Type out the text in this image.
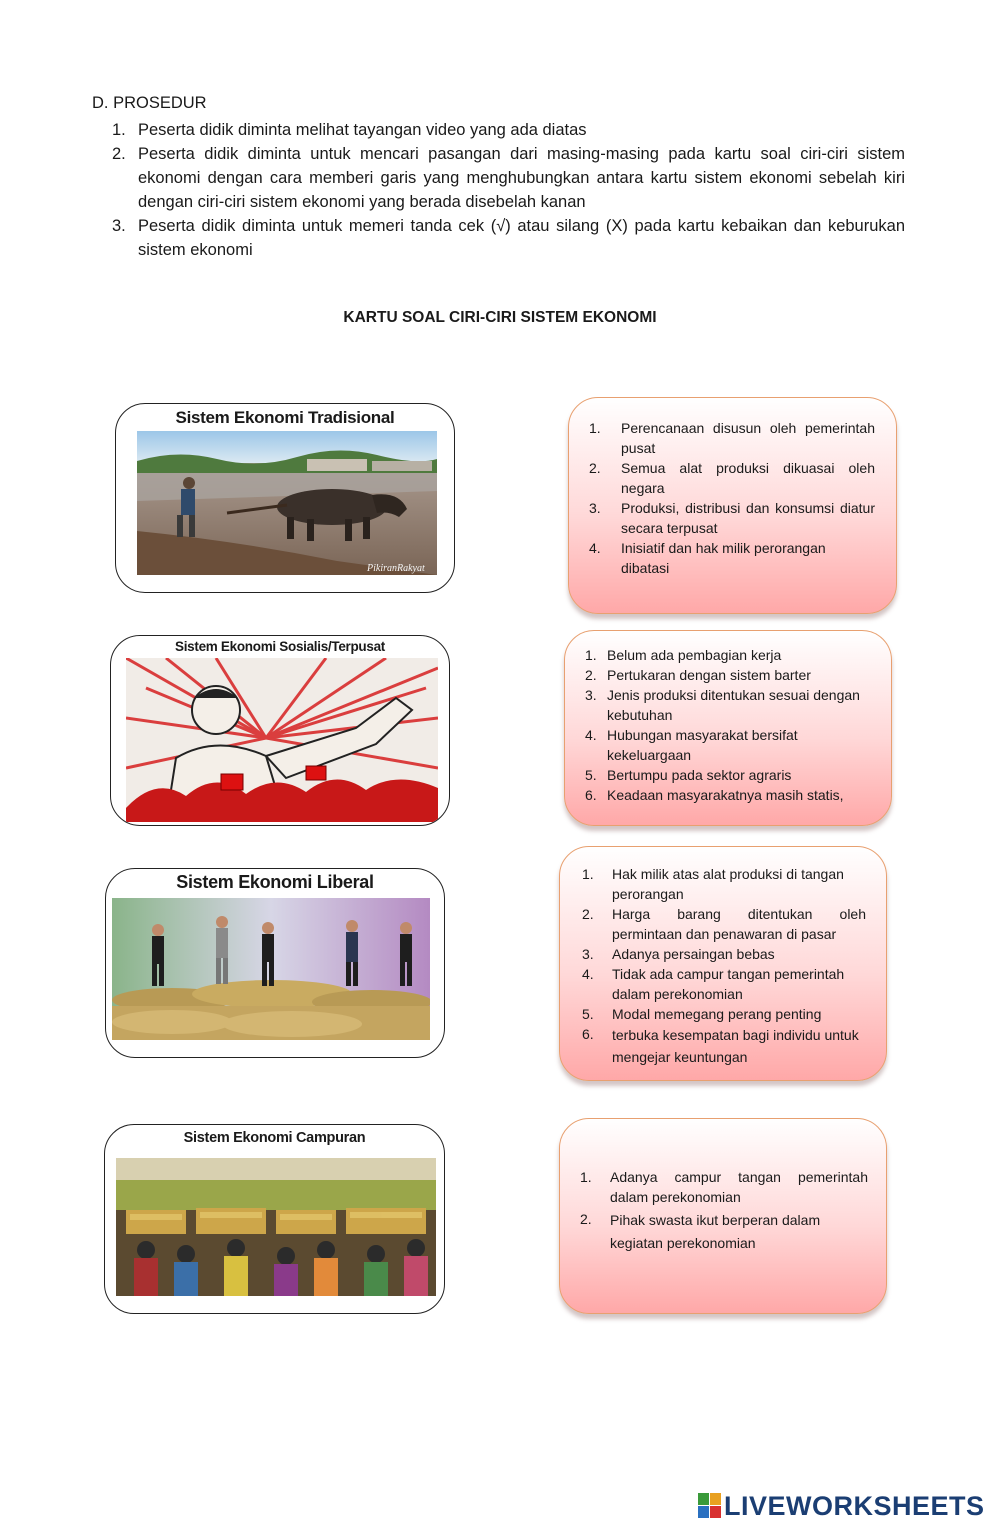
D. PROSEDUR
1. Peserta didik diminta melihat tayangan video yang ada diatas
2. Peserta didik diminta untuk mencari pasangan dari masing-masing pada kartu soal ciri-ciri sistem ekonomi dengan cara memberi garis yang menghubungkan antara kartu sistem ekonomi sebelah kiri dengan ciri-ciri sistem ekonomi yang berada disebelah kanan
3. Peserta didik diminta untuk memeri tanda cek (√) atau silang (X) pada kartu kebaikan dan keburukan sistem ekonomi
KARTU SOAL CIRI-CIRI SISTEM EKONOMI
Sistem Ekonomi Tradisional
PikiranRakyat
Sistem Ekonomi Sosialis/Terpusat
Sistem Ekonomi Liberal
Sistem Ekonomi Campuran
1.	Perencanaan disusun oleh pemerintah pusat
2.	Semua alat produksi dikuasai oleh negara
3.	Produksi, distribusi dan konsumsi diatur secara terpusat
4.	Inisiatif dan hak milik perorangan dibatasi
1. Belum ada pembagian kerja
2. Pertukaran dengan sistem barter
3. Jenis produksi ditentukan sesuai dengan kebutuhan
4. Hubungan masyarakat bersifat kekeluargaan
5. Bertumpu pada sektor agraris
6. Keadaan masyarakatnya masih statis,
1.	Hak milik atas alat produksi di tangan perorangan
2.	Harga barang ditentukan oleh permintaan dan penawaran di pasar
3.	Adanya persaingan bebas
4.	Tidak ada campur tangan pemerintah dalam perekonomian
5.	Modal memegang perang penting
6.	terbuka kesempatan bagi individu untuk mengejar keuntungan
1.	Adanya campur tangan pemerintah dalam perekonomian
2.	Pihak swasta ikut berperan dalam kegiatan perekonomian
LIVEWORKSHEETS
